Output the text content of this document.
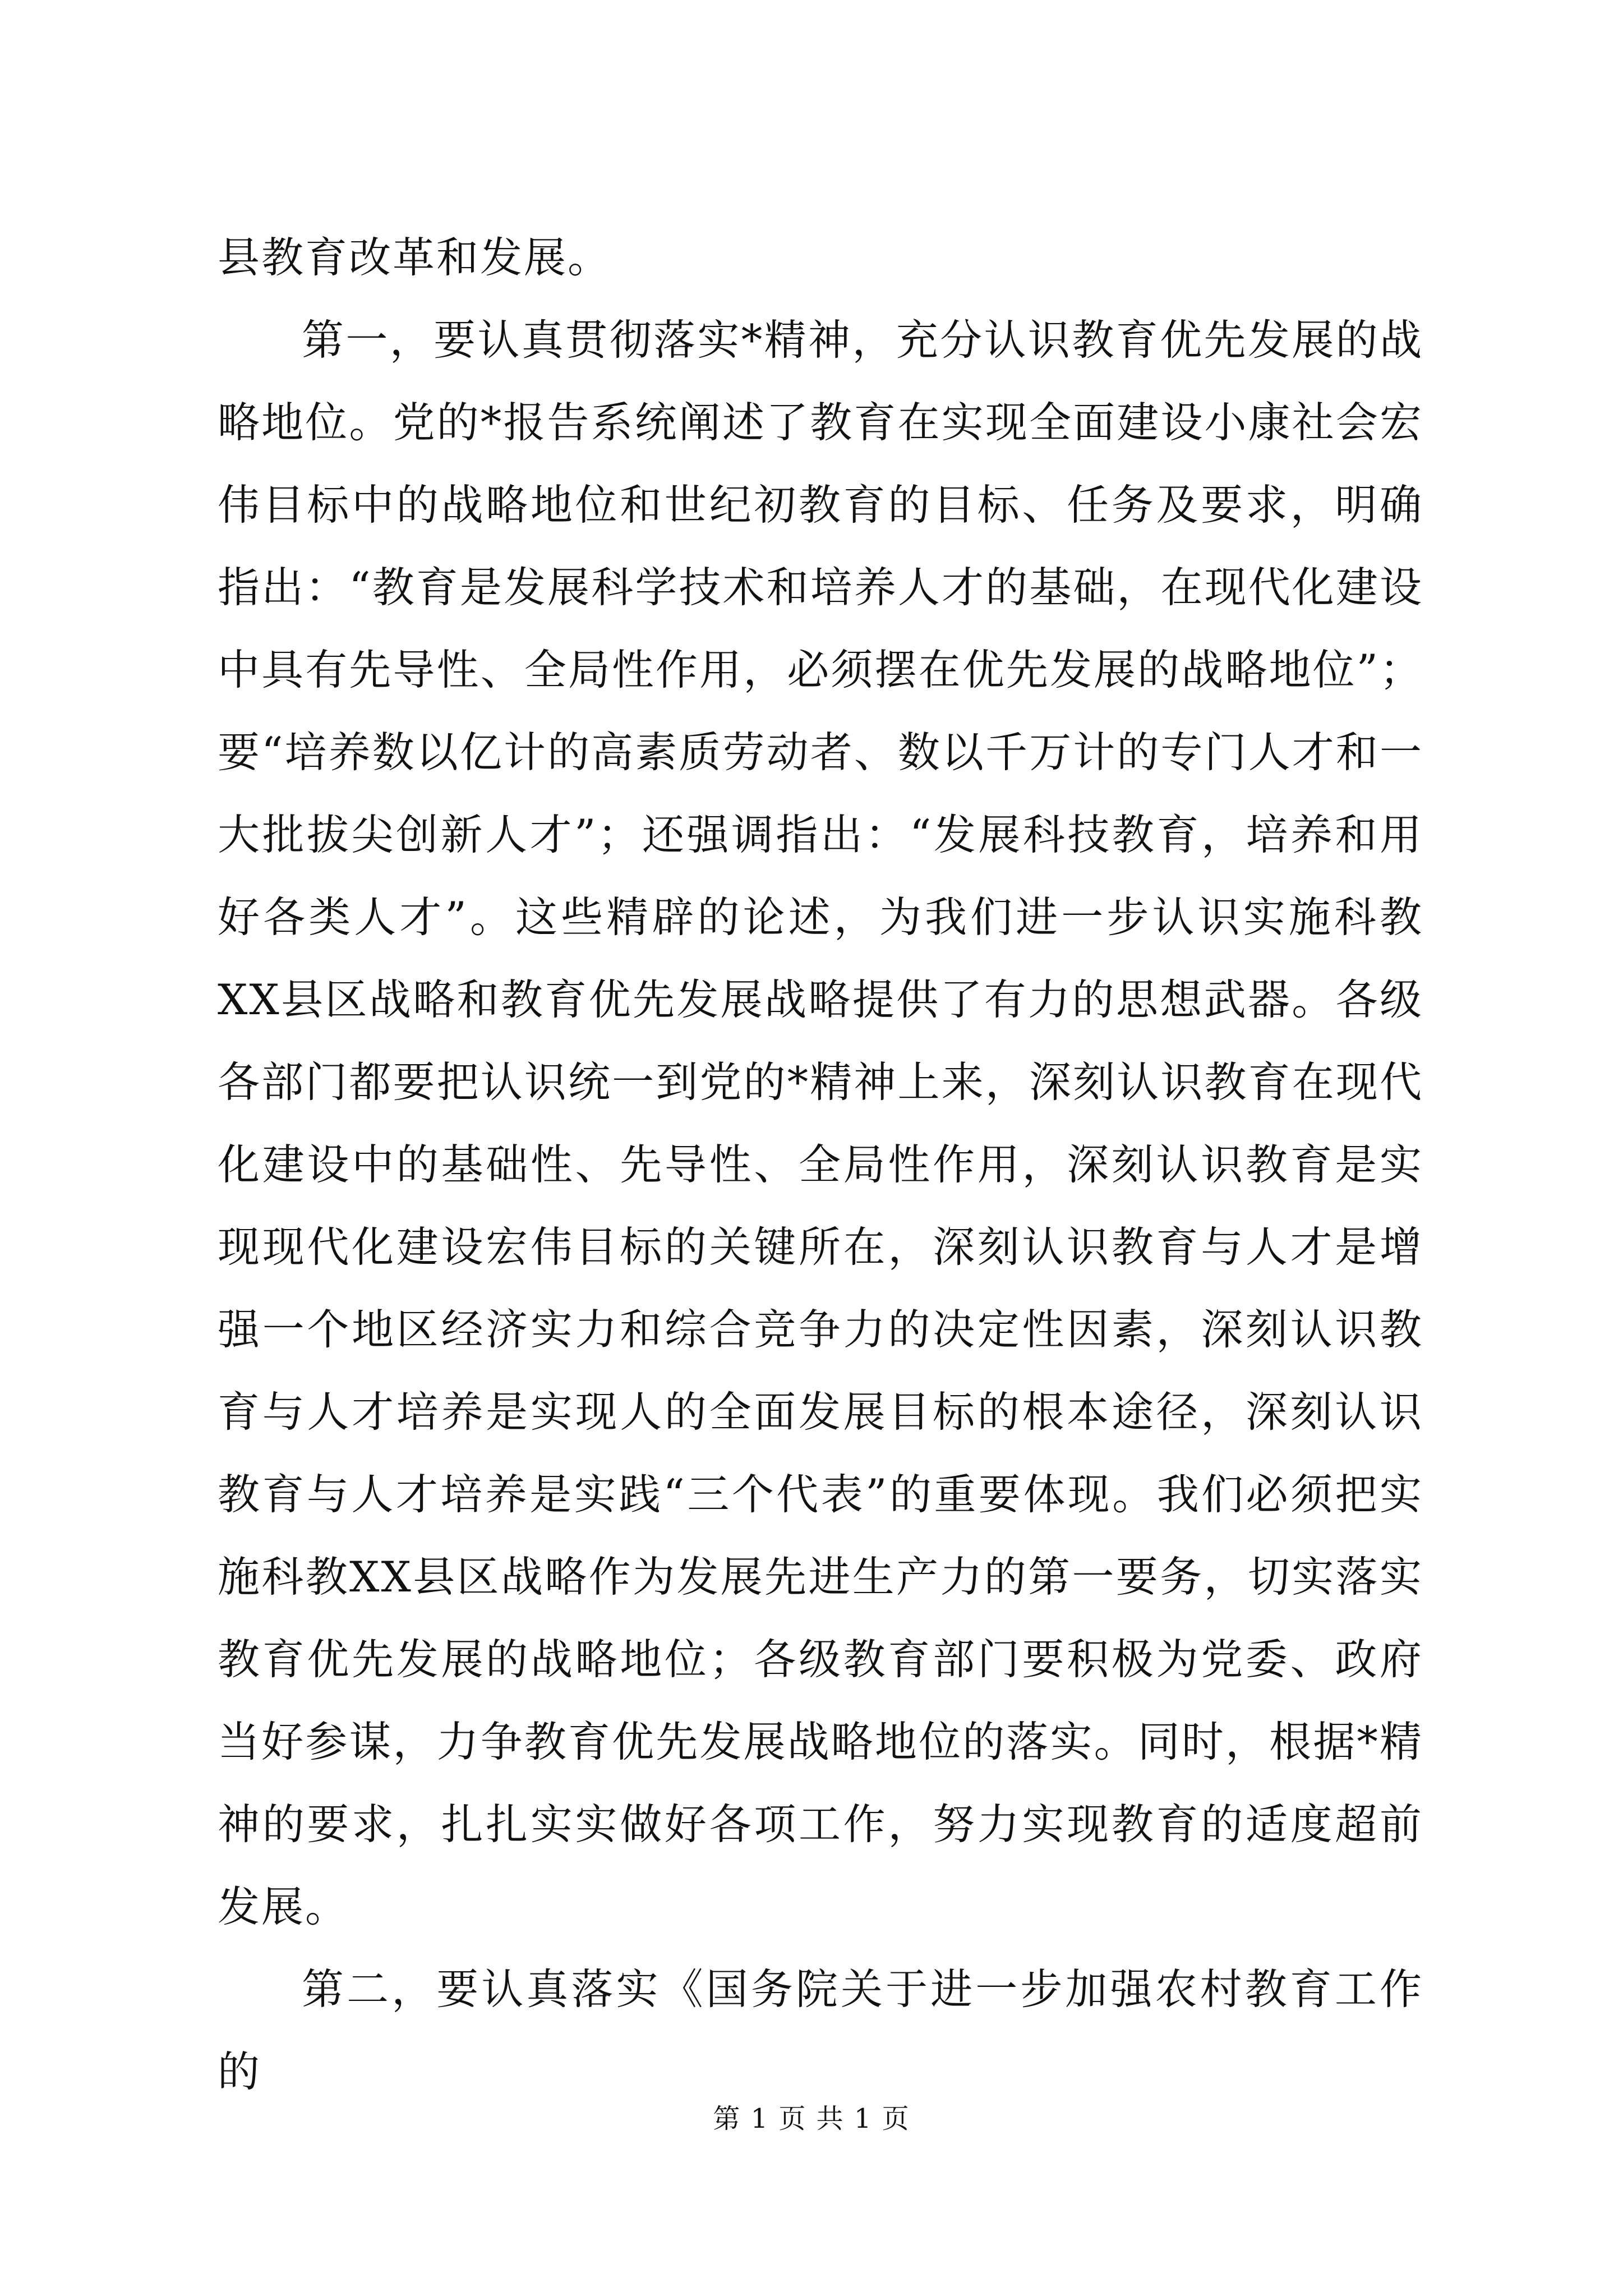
县教育改革和发展。

第一，要认真贯彻落实*精神，充分认识教育优先发展的战略地位。党的*报告系统阐述了教育在实现全面建设小康社会宏伟目标中的战略地位和世纪初教育的目标、任务及要求，明确指出：“教育是发展科学技术和培养人才的基础，在现代化建设中具有先导性、全局性作用，必须摆在优先发展的战略地位”；要“培养数以亿计的高素质劳动者、数以千万计的专门人才和一大批拔尖创新人才”；还强调指出：“发展科技教育，培养和用好各类人才”。这些精辟的论述，为我们进一步认识实施科教XX县区战略和教育优先发展战略提供了有力的思想武器。各级各部门都要把认识统一到党的*精神上来，深刻认识教育在现代化建设中的基础性、先导性、全局性作用，深刻认识教育是实现现代化建设宏伟目标的关键所在，深刻认识教育与人才是增强一个地区经济实力和综合竞争力的决定性因素，深刻认识教育与人才培养是实现人的全面发展目标的根本途径，深刻认识教育与人才培养是实践“三个代表”的重要体现。我们必须把实施科教XX县区战略作为发展先进生产力的第一要务，切实落实教育优先发展的战略地位；各级教育部门要积极为党委、政府当好参谋，力争教育优先发展战略地位的落实。同时，根据*精神的要求，扎扎实实做好各项工作，努力实现教育的适度超前发展。

第二，要认真落实《国务院关于进一步加强农村教育工作的

第 1 页 共 1 页
